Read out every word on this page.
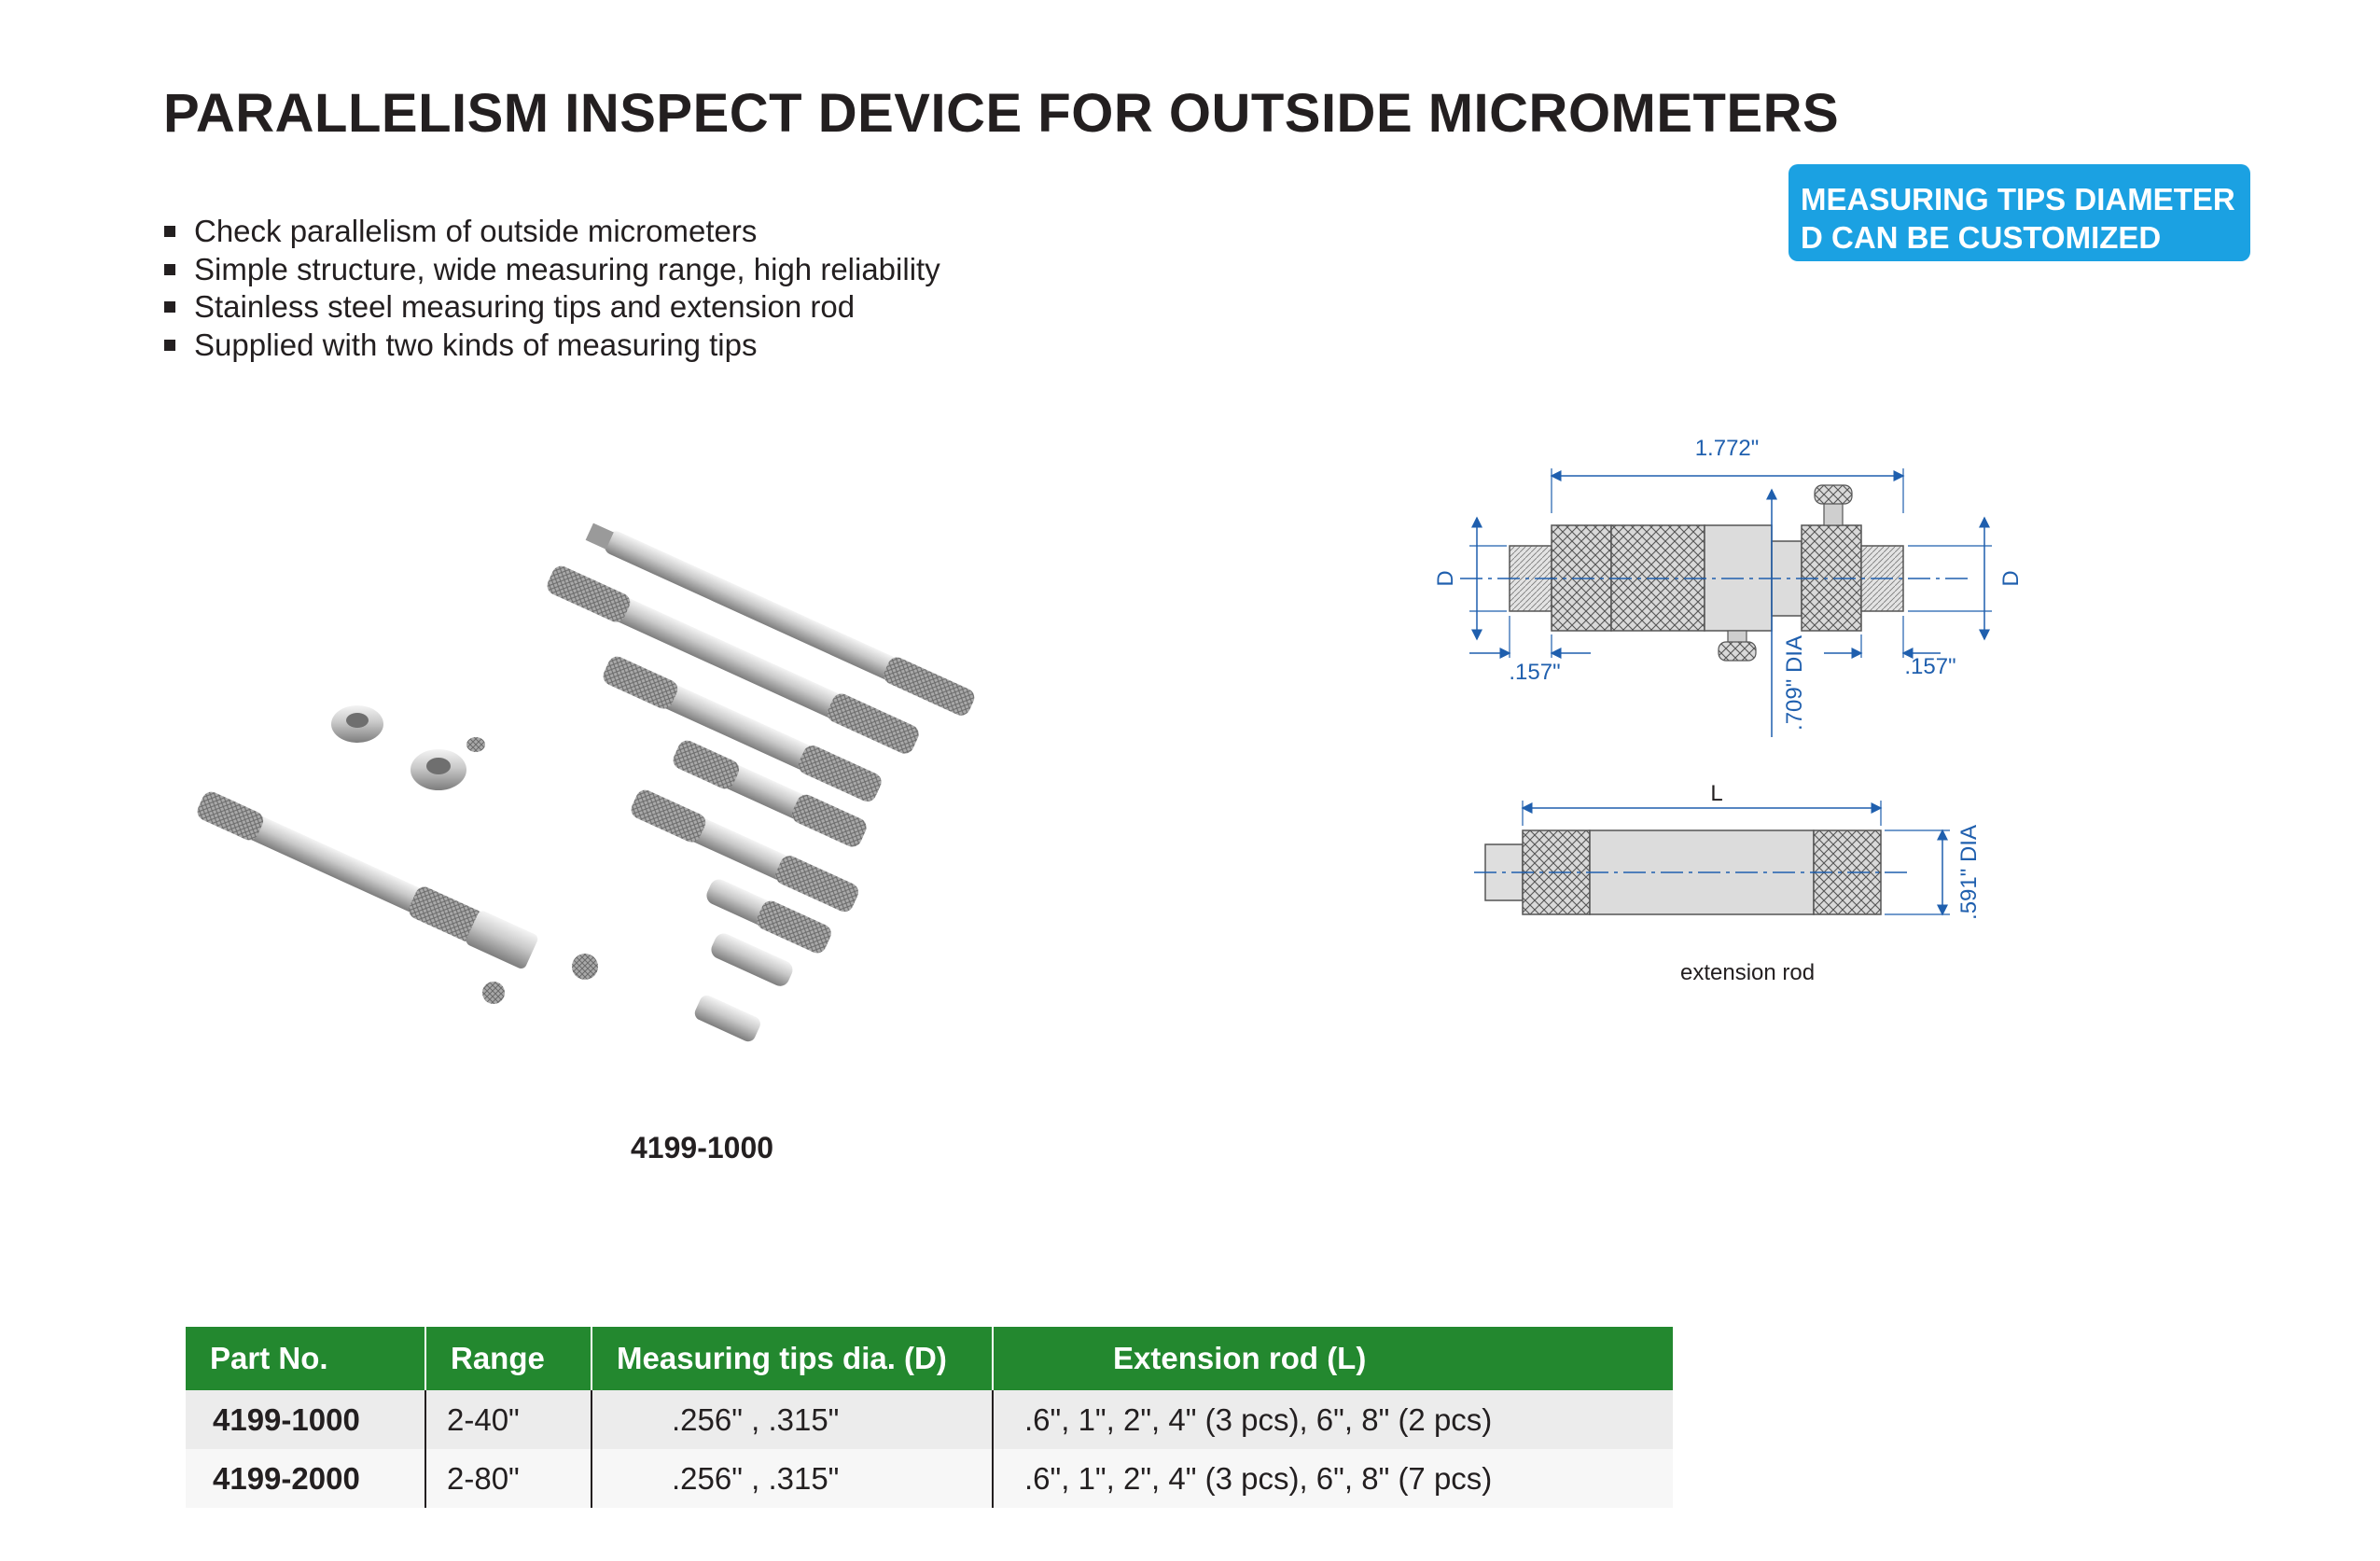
PARALLELISM INSPECT DEVICE FOR OUTSIDE MICROMETERS
Check parallelism of outside micrometers
Simple structure, wide measuring range, high reliability
Stainless steel measuring tips and extension rod
Supplied with two kinds of measuring tips
MEASURING TIPS DIAMETER
D CAN BE CUSTOMIZED
4199-1000
1.772"
D	D
.157"	.157"
.709" DIA
L
.591" DIA
extension rod
Part No.	Range	Measuring tips dia. (D)	Extension rod (L)
4199-1000	2-40"	.256" , .315"	.6", 1", 2", 4" (3 pcs), 6", 8" (2 pcs)
4199-2000	2-80"	.256" , .315"	.6", 1", 2", 4" (3 pcs), 6", 8" (7 pcs)
